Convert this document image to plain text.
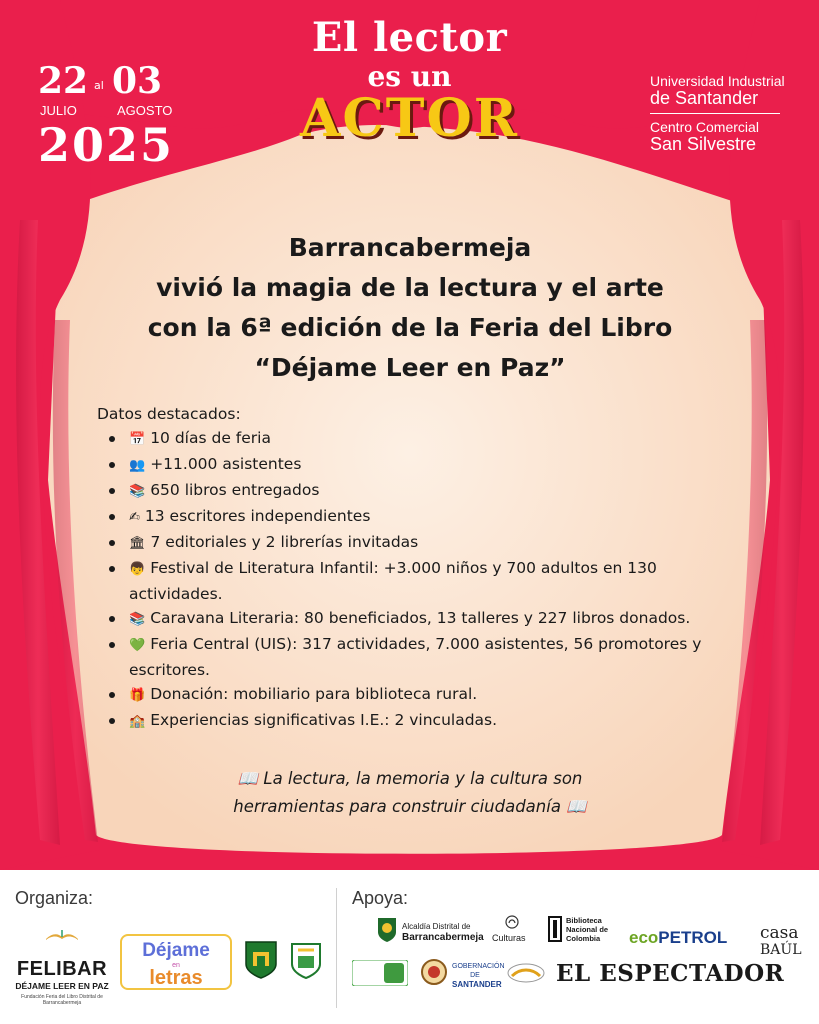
El lector
es un
ACTOR
22 al 03
JULIO	AGOSTO
2025
Universidad Industrial
de Santander
Centro Comercial
San Silvestre
Barrancabermeja
vivió la magia de la lectura y el arte
con la 6ª edición de la Feria del Libro
“Déjame Leer en Paz”
Datos destacados:
📅 10 días de feria
👥 +11.000 asistentes
📚 650 libros entregados
✍ 13 escritores independientes
🏛 7 editoriales y 2 librerías invitadas
👦 Festival de Literatura Infantil: +3.000 niños y 700 adultos en 130
actividades.
📚 Caravana Literaria: 80 beneficiados, 13 talleres y 227 libros donados.
💚 Feria Central (UIS): 317 actividades, 7.000 asistentes, 56 promotores y
escritores.
🎁 Donación: mobiliario para biblioteca rural.
🏫 Experiencias significativas I.E.: 2 vinculadas.
📖 La lectura, la memoria y la cultura son
herramientas para construir ciudadanía 📖
Organiza:	Apoya:
FELIBAR
DÉJAME LEER EN PAZ
Fundación Feria del Libro Distrital de Barrancabermeja
Déjame
en
letras
Alcaldía Distrital de
Barrancabermeja Culturas
Biblioteca
Nacional de
Colombia	ecoPETROL casa
BAÚL
GOBERNACIÓN DE
SANTANDER EL ESPECTADOR
